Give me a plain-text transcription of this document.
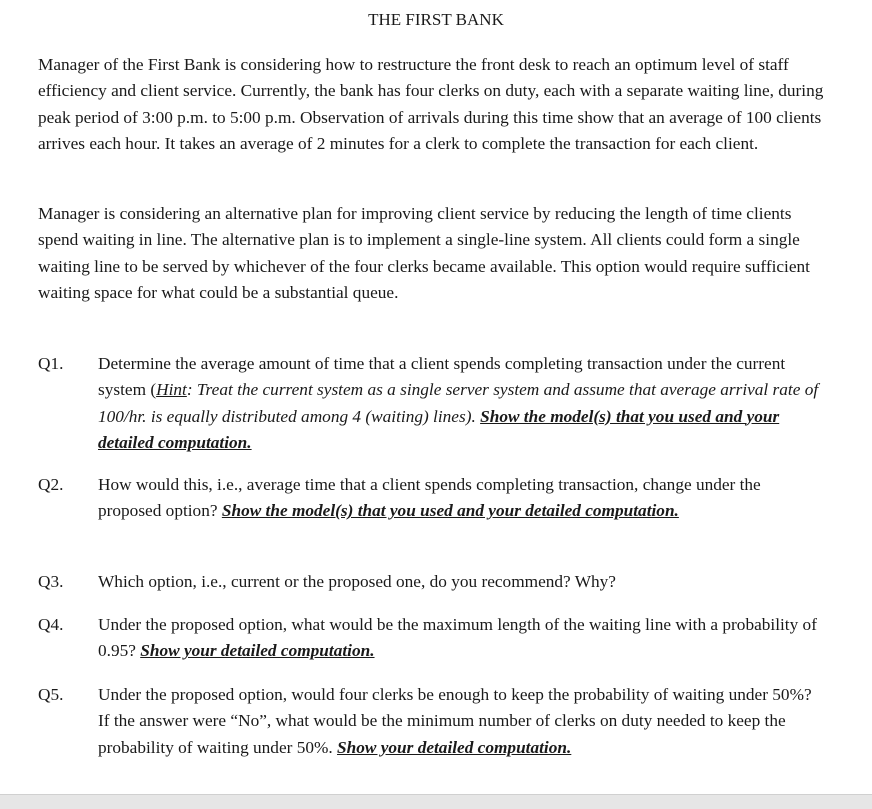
THE FIRST BANK
Manager of the First Bank is considering how to restructure the front desk to reach an optimum level of staff efficiency and client service. Currently, the bank has four clerks on duty, each with a separate waiting line, during peak period of 3:00 p.m. to 5:00 p.m. Observation of arrivals during this time show that an average of 100 clients arrives each hour. It takes an average of 2 minutes for a clerk to complete the transaction for each client.
Manager is considering an alternative plan for improving client service by reducing the length of time clients spend waiting in line. The alternative plan is to implement a single-line system. All clients could form a single waiting line to be served by whichever of the four clerks became available. This option would require sufficient waiting space for what could be a substantial queue.
Q1. Determine the average amount of time that a client spends completing transaction under the current system (Hint: Treat the current system as a single server system and assume that average arrival rate of 100/hr. is equally distributed among 4 (waiting) lines). Show the model(s) that you used and your detailed computation.
Q2. How would this, i.e., average time that a client spends completing transaction, change under the proposed option? Show the model(s) that you used and your detailed computation.
Q3. Which option, i.e., current or the proposed one, do you recommend? Why?
Q4. Under the proposed option, what would be the maximum length of the waiting line with a probability of 0.95? Show your detailed computation.
Q5. Under the proposed option, would four clerks be enough to keep the probability of waiting under 50%? If the answer were “No”, what would be the minimum number of clerks on duty needed to keep the probability of waiting under 50%. Show your detailed computation.
